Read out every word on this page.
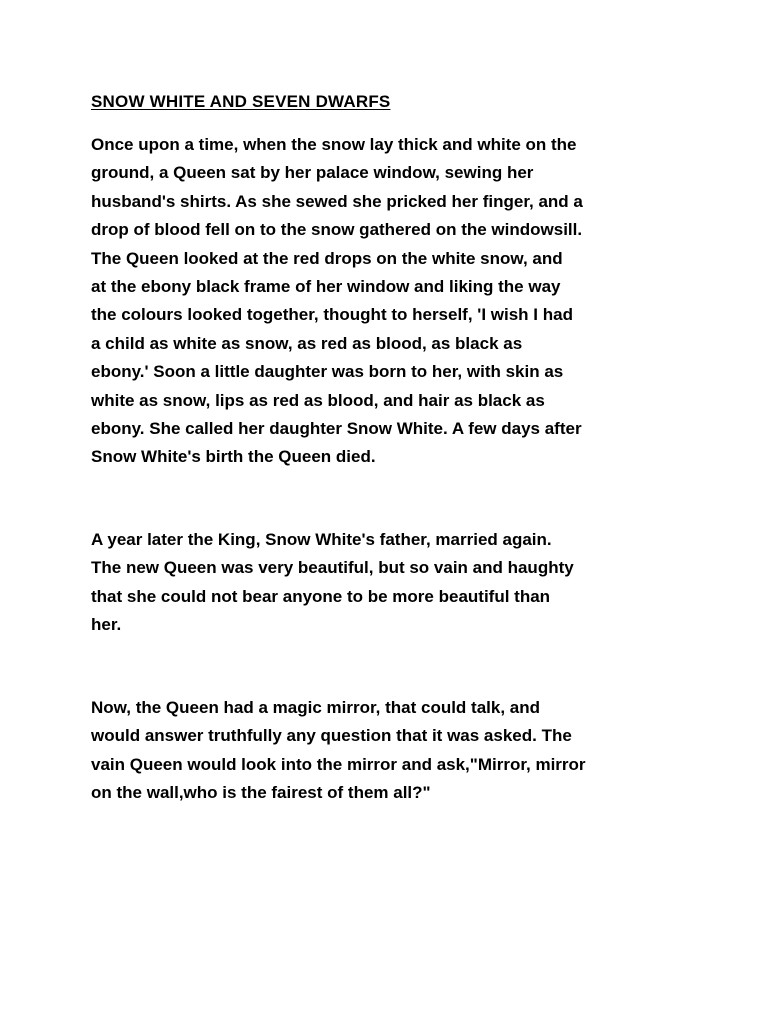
SNOW WHITE AND SEVEN DWARFS
Once upon a time, when the snow lay thick and white on the
ground, a Queen sat by her palace window, sewing her
husband's shirts. As she sewed she pricked her finger, and a
drop of blood fell on to the snow gathered on the windowsill.
The Queen looked at the red drops on the white snow, and
at the ebony black frame of her window and liking the way
the colours looked together, thought to herself, 'I wish I had
a child as white as snow, as red as blood, as black as
ebony.' Soon a little daughter was born to her, with skin as
white as snow, lips as red as blood, and hair as black as
ebony. She called her daughter Snow White. A few days after
Snow White's birth the Queen died.
A year later the King, Snow White's father, married again.
The new Queen was very beautiful, but so vain and haughty
that she could not bear anyone to be more beautiful than
her.
Now, the Queen had a magic mirror, that could talk, and
would answer truthfully any question that it was asked. The
vain Queen would look into the mirror and ask,"Mirror, mirror
on the wall,who is the fairest of them all?"
